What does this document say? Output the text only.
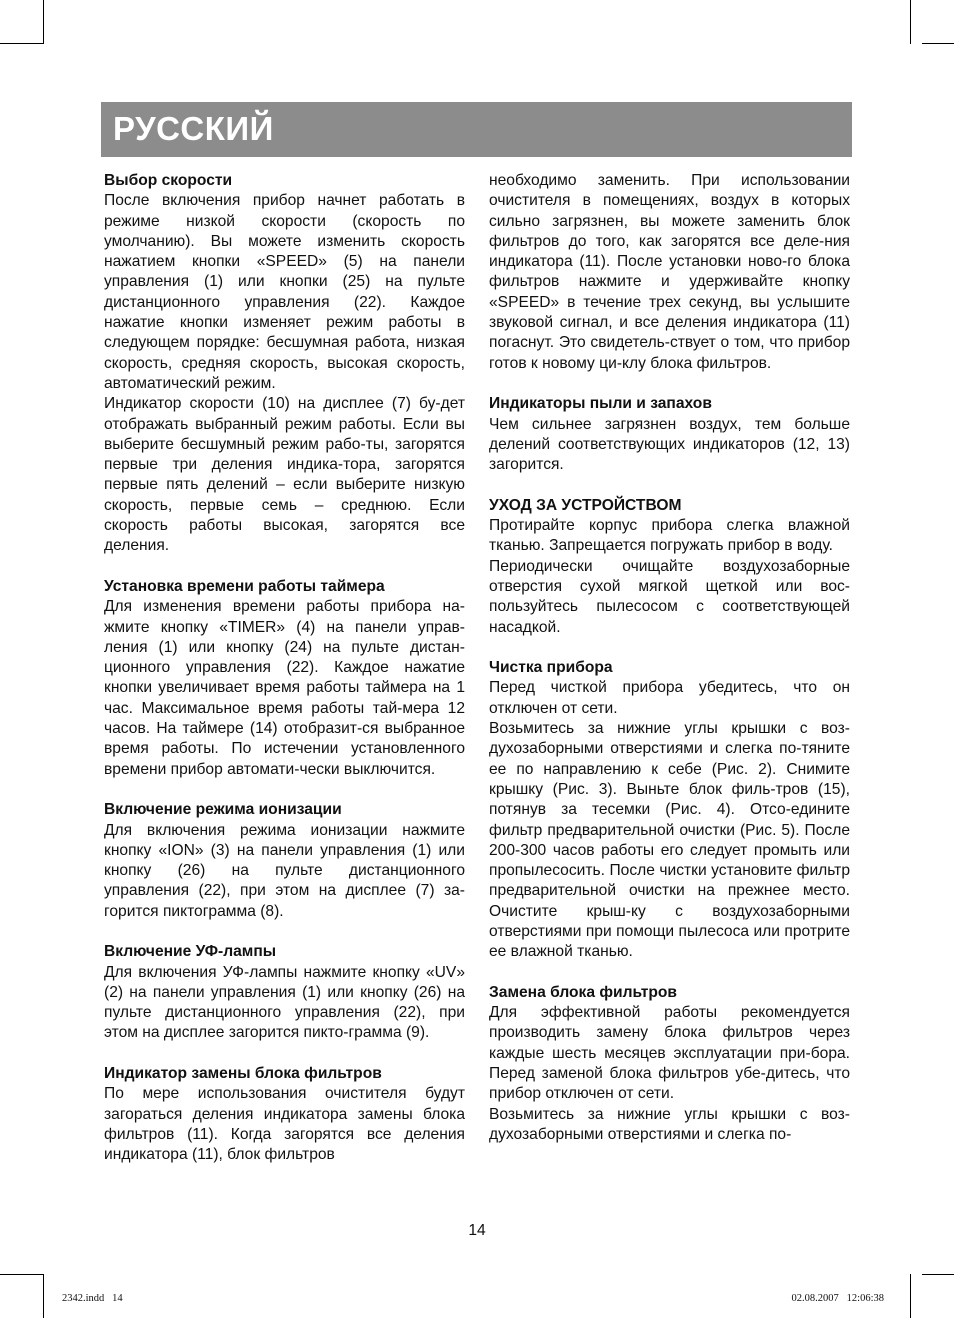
РУССКИЙ
Выбор скорости

После включения прибор начнет работать в режиме низкой скорости (скорость по умолчанию). Вы можете изменить скорость нажатием кнопки «SPEED» (5) на панели управления (1) или кнопки (25) на пульте дистанционного управления (22). Каждое нажатие кнопки изменяет режим работы в следующем порядке: бесшумная работа, низкая скорость, средняя скорость, высокая скорость, автоматический режим.

Индикатор скорости (10) на дисплее (7) бу-дет отображать выбранный режим работы. Если вы выберите бесшумный режим рабо-ты, загорятся первые три деления индика-тора, загорятся первые пять делений – если выберите низкую скорость, первые семь – среднюю. Если скорость работы высокая, загорятся все деления.

Установка времени работы таймера

Для изменения времени работы прибора на-жмите кнопку «TIMER» (4) на панели управ-ления (1) или кнопку (24) на пульте дистан-ционного управления (22). Каждое нажатие кнопки увеличивает время работы таймера на 1 час. Максимальное время работы тай-мера 12 часов. На таймере (14) отобразит-ся выбранное время работы. По истечении установленного времени прибор автомати-чески выключится.

Включение режима ионизации

Для включения режима ионизации нажмите кнопку «ION» (3) на панели управления (1) или кнопку (26) на пульте дистанционного управления (22), при этом на дисплее (7) за-горится пиктограмма (8).

Включение УФ-лампы

Для включения УФ-лампы нажмите кнопку «UV» (2) на панели управления (1) или кнопку (26) на пульте дистанционного управления (22), при этом на дисплее загорится пикто-грамма (9).

Индикатор замены блока фильтров

По мере использования очистителя будут загораться деления индикатора замены блока фильтров (11). Когда загорятся все деления индикатора (11), блок фильтров

необходимо заменить. При использовании очистителя в помещениях, воздух в которых сильно загрязнен, вы можете заменить блок фильтров до того, как загорятся все деле-ния индикатора (11). После установки ново-го блока фильтров нажмите и удерживайте кнопку «SPEED» в течение трех секунд, вы услышите звуковой сигнал, и все деления индикатора (11) погаснут. Это свидетель-ствует о том, что прибор готов к новому ци-клу блока фильтров.

Индикаторы пыли и запахов

Чем сильнее загрязнен воздух, тем больше делений соответствующих индикаторов (12, 13) загорится.

УХОД ЗА УСТРОЙСТВОМ

Протирайте корпус прибора слегка влажной тканью. Запрещается погружать прибор в воду.

Периодически очищайте воздухозаборные отверстия сухой мягкой щеткой или вос-пользуйтесь пылесосом с соответствующей насадкой.

Чистка прибора

Перед чисткой прибора убедитесь, что он отключен от сети.

Возьмитесь за нижние углы крышки с воз-духозаборными отверстиями и слегка по-тяните ее по направлению к себе (Рис. 2). Снимите крышку (Рис. 3). Выньте блок филь-тров (15), потянув за тесемки (Рис. 4). Отсо-едините фильтр предварительной очистки (Рис. 5). После 200-300 часов работы его следует промыть или пропылесосить. После чистки установите фильтр предварительной очистки на прежнее место. Очистите крыш-ку с воздухозаборными отверстиями при помощи пылесоса или протрите ее влажной тканью.

Замена блока фильтров

Для эффективной работы рекомендуется производить замену блока фильтров через каждые шесть месяцев эксплуатации при-бора. Перед заменой блока фильтров убе-дитесь, что прибор отключен от сети.

Возьмитесь за нижние углы крышки с воз-духозаборными отверстиями и слегка по-

14
2342.indd   14	02.08.2007   12:06:38
